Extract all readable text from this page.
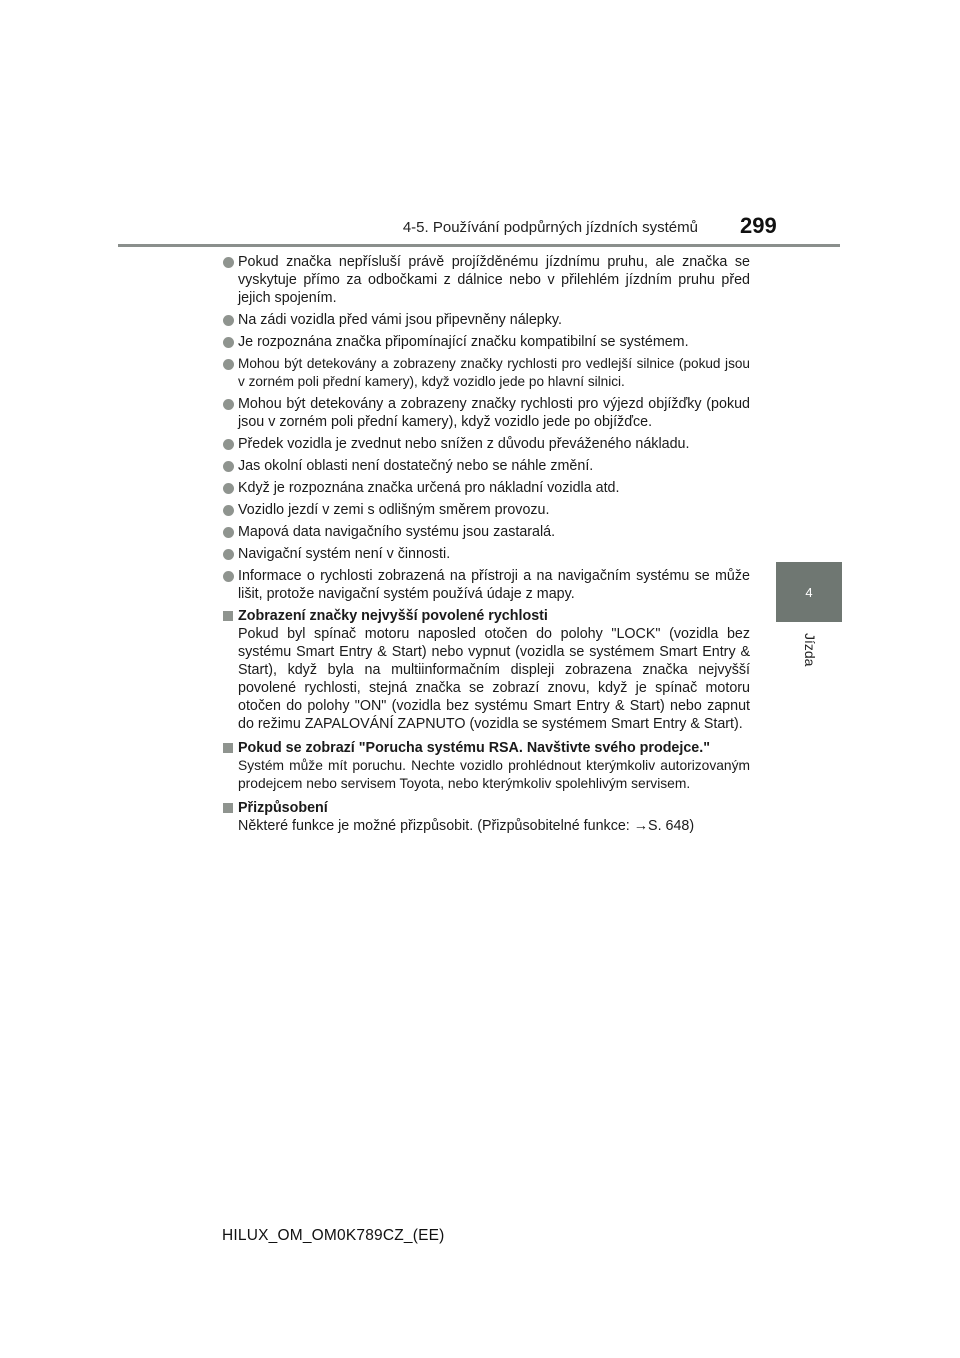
4-5. Používání podpůrných jízdních systémů 299
4
Jízda
Pokud značka nepřísluší právě projížděnému jízdnímu pruhu, ale značka se vyskytuje přímo za odbočkami z dálnice nebo v přilehlém jízdním pruhu před jejich spojením.
Na zádi vozidla před vámi jsou připevněny nálepky.
Je rozpoznána značka připomínající značku kompatibilní se systémem.
Mohou být detekovány a zobrazeny značky rychlosti pro vedlejší silnice (pokud jsou v zorném poli přední kamery), když vozidlo jede po hlavní silnici.
Mohou být detekovány a zobrazeny značky rychlosti pro výjezd objížďky (pokud jsou v zorném poli přední kamery), když vozidlo jede po objížďce.
Předek vozidla je zvednut nebo snížen z důvodu převáženého nákladu.
Jas okolní oblasti není dostatečný nebo se náhle změní.
Když je rozpoznána značka určená pro nákladní vozidla atd.
Vozidlo jezdí v zemi s odlišným směrem provozu.
Mapová data navigačního systému jsou zastaralá.
Navigační systém není v činnosti.
Informace o rychlosti zobrazená na přístroji a na navigačním systému se může lišit, protože navigační systém používá údaje z mapy.
Zobrazení značky nejvyšší povolené rychlosti
Pokud byl spínač motoru naposled otočen do polohy "LOCK" (vozidla bez systému Smart Entry & Start) nebo vypnut (vozidla se systémem Smart Entry & Start), když byla na multiinformačním displeji zobrazena značka nejvyšší povolené rychlosti, stejná značka se zobrazí znovu, když je spínač motoru otočen do polohy "ON" (vozidla bez systému Smart Entry & Start) nebo zapnut do režimu ZAPALOVÁNÍ ZAPNUTO (vozidla se systémem Smart Entry & Start).
Pokud se zobrazí "Porucha systému RSA. Navštivte svého prodejce."
Systém může mít poruchu. Nechte vozidlo prohlédnout kterýmkoliv autorizovaným prodejcem nebo servisem Toyota, nebo kterýmkoliv spolehlivým servisem.
Přizpůsobení
Některé funkce je možné přizpůsobit. (Přizpůsobitelné funkce: →S. 648)
HILUX_OM_OM0K789CZ_(EE)
